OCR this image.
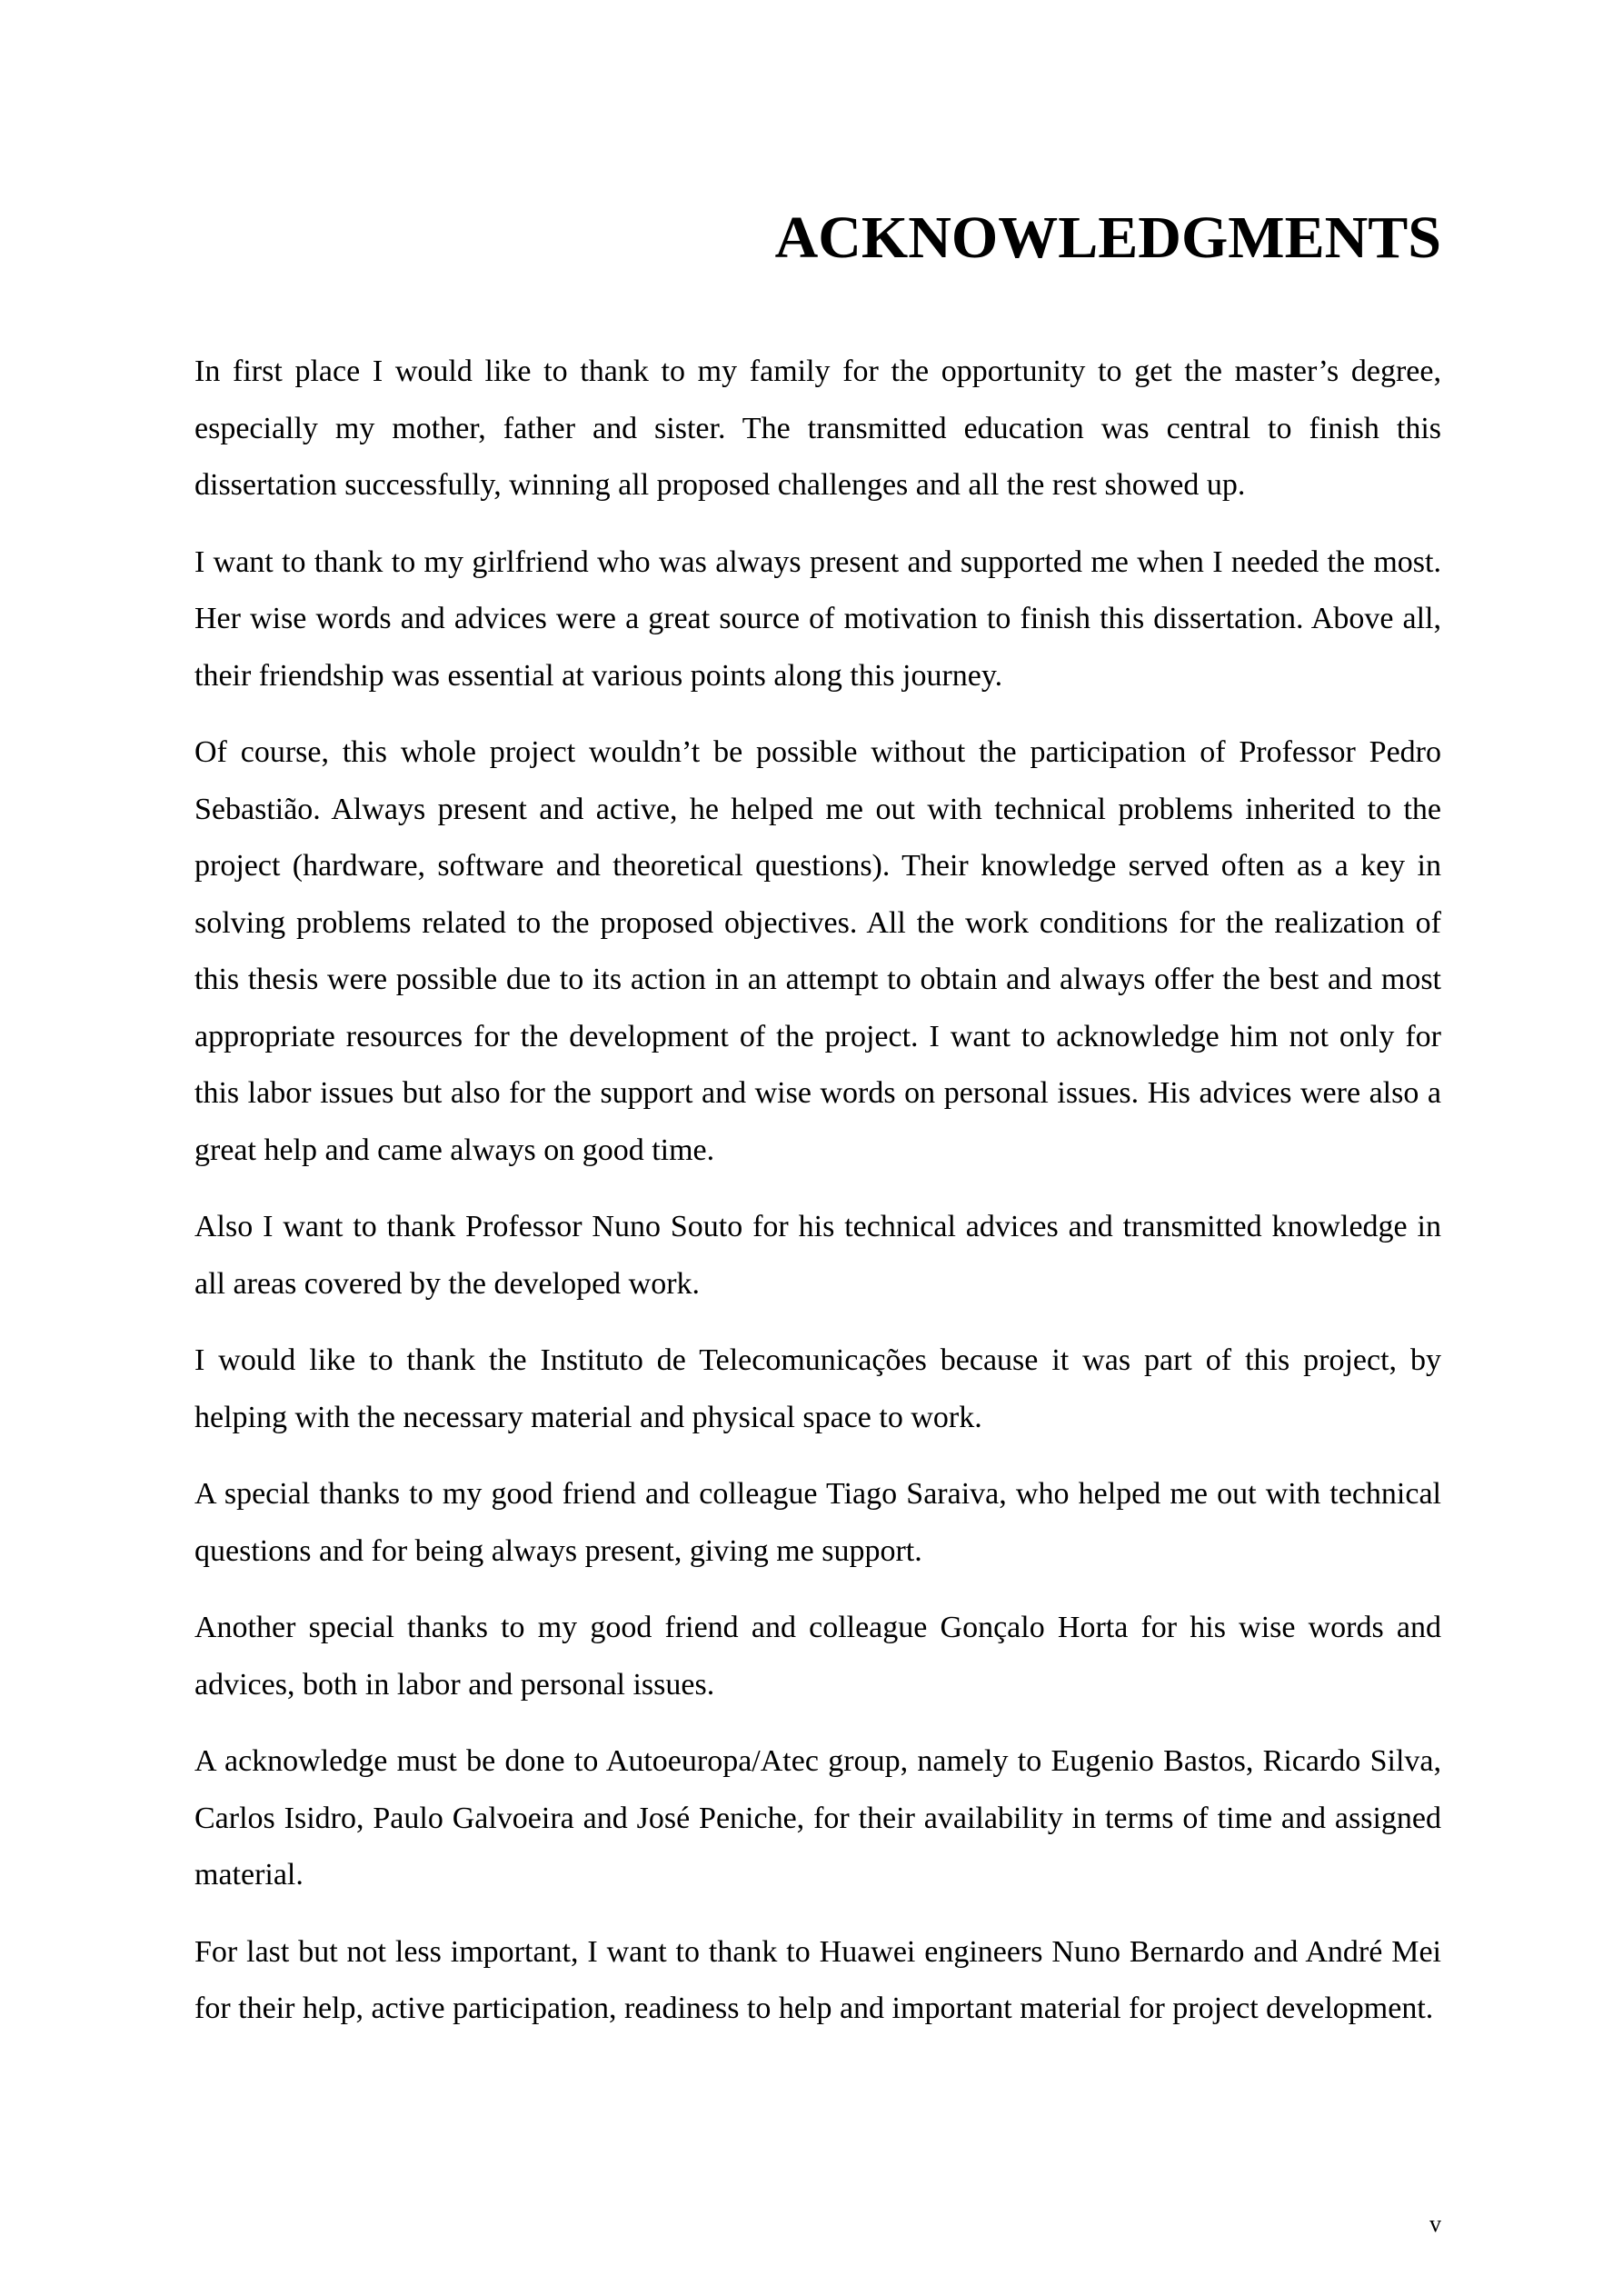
ACKNOWLEDGMENTS

In first place I would like to thank to my family for the opportunity to get the master’s degree, especially my mother, father and sister. The transmitted education was central to finish this dissertation successfully, winning all proposed challenges and all the rest showed up.

I want to thank to my girlfriend who was always present and supported me when I needed the most. Her wise words and advices were a great source of motivation to finish this dissertation. Above all, their friendship was essential at various points along this journey.

Of course, this whole project wouldn’t be possible without the participation of Professor Pedro Sebastião. Always present and active, he helped me out with technical problems inherited to the project (hardware, software and theoretical questions). Their knowledge served often as a key in solving problems related to the proposed objectives. All the work conditions for the realization of this thesis were possible due to its action in an attempt to obtain and always offer the best and most appropriate resources for the development of the project. I want to acknowledge him not only for this labor issues but also for the support and wise words on personal issues. His advices were also a great help and came always on good time.

Also I want to thank Professor Nuno Souto for his technical advices and transmitted knowledge in all areas covered by the developed work.

I would like to thank the Instituto de Telecomunicações because it was part of this project, by helping with the necessary material and physical space to work.

A special thanks to my good friend and colleague Tiago Saraiva, who helped me out with technical questions and for being always present, giving me support.

Another special thanks to my good friend and colleague Gonçalo Horta for his wise words and advices, both in labor and personal issues.

A acknowledge must be done to Autoeuropa/Atec group, namely to Eugenio Bastos, Ricardo Silva, Carlos Isidro, Paulo Galvoeira and José Peniche, for their availability in terms of time and assigned material.

For last but not less important, I want to thank to Huawei engineers Nuno Bernardo and André Mei for their help, active participation, readiness to help and important material for project development.

v
